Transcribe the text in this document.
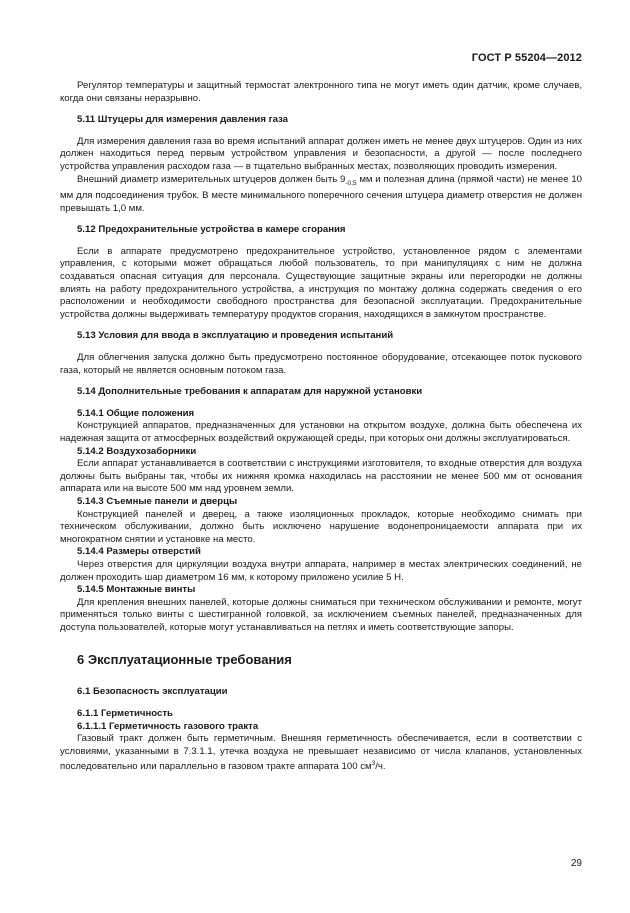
ГОСТ Р 55204—2012

Регулятор температуры и защитный термостат электронного типа не могут иметь один датчик, кроме случаев, когда они связаны неразрывно.

5.11 Штуцеры для измерения давления газа

Для измерения давления газа во время испытаний аппарат должен иметь не менее двух штуцеров. Один из них должен находиться перед первым устройством управления и безопасности, а другой — после последнего устройства управления расходом газа — в тщательно выбранных местах, позволяющих проводить измерения.

Внешний диаметр измерительных штуцеров должен быть $9_{-0,5}$ мм и полезная длина (прямой части) не менее 10 мм для подсоединения трубок. В месте минимального поперечного сечения штуцера диаметр отверстия не должен превышать 1,0 мм.

5.12 Предохранительные устройства в камере сгорания

Если в аппарате предусмотрено предохранительное устройство, установленное рядом с элементами управления, с которыми может обращаться любой пользователь, то при манипуляциях с ним не должна создаваться опасная ситуация для персонала. Существующие защитные экраны или перегородки не должны влиять на работу предохранительного устройства, а инструкция по монтажу должна содержать сведения о его расположении и необходимости свободного пространства для безопасной эксплуатации. Предохранительные устройства должны выдерживать температуру продуктов сгорания, находящихся в замкнутом пространстве.

5.13 Условия для ввода в эксплуатацию и проведения испытаний

Для облегчения запуска должно быть предусмотрено постоянное оборудование, отсекающее поток пускового газа, который не является основным потоком газа.

5.14 Дополнительные требования к аппаратам для наружной установки
5.14.1 Общие положения

Конструкцией аппаратов, предназначенных для установки на открытом воздухе, должна быть обеспечена их надежная защита от атмосферных воздействий окружающей среды, при которых они должны эксплуатироваться.

5.14.2 Воздухозаборники

Если аппарат устанавливается в соответствии с инструкциями изготовителя, то входные отверстия для воздуха должны быть выбраны так, чтобы их нижняя кромка находилась на расстоянии не менее 500 мм от основания аппарата или на высоте 500 мм над уровнем земли.

5.14.3 Съемные панели и дверцы

Конструкцией панелей и дверец, а также изоляционных прокладок, которые необходимо снимать при техническом обслуживании, должно быть исключено нарушение водонепроницаемости аппарата при их многократном снятии и установке на место.

5.14.4 Размеры отверстий

Через отверстия для циркуляции воздуха внутри аппарата, например в местах электрических соединений, не должен проходить шар диаметром 16 мм, к которому приложено усилие 5 Н.

5.14.5 Монтажные винты

Для крепления внешних панелей, которые должны сниматься при техническом обслуживании и ремонте, могут применяться только винты с шестигранной головкой, за исключением съемных панелей, предназначенных для доступа пользователей, которые могут устанавливаться на петлях и иметь соответствующие запоры.

6 Эксплуатационные требования
6.1 Безопасность эксплуатации
6.1.1 Герметичность
6.1.1.1 Герметичность газового тракта

Газовый тракт должен быть герметичным. Внешняя герметичность обеспечивается, если в соответствии с условиями, указанными в 7.3.1.1, утечка воздуха не превышает независимо от числа клапанов, установленных последовательно или параллельно в газовом тракте аппарата 100 $см^3/ч$.

29
